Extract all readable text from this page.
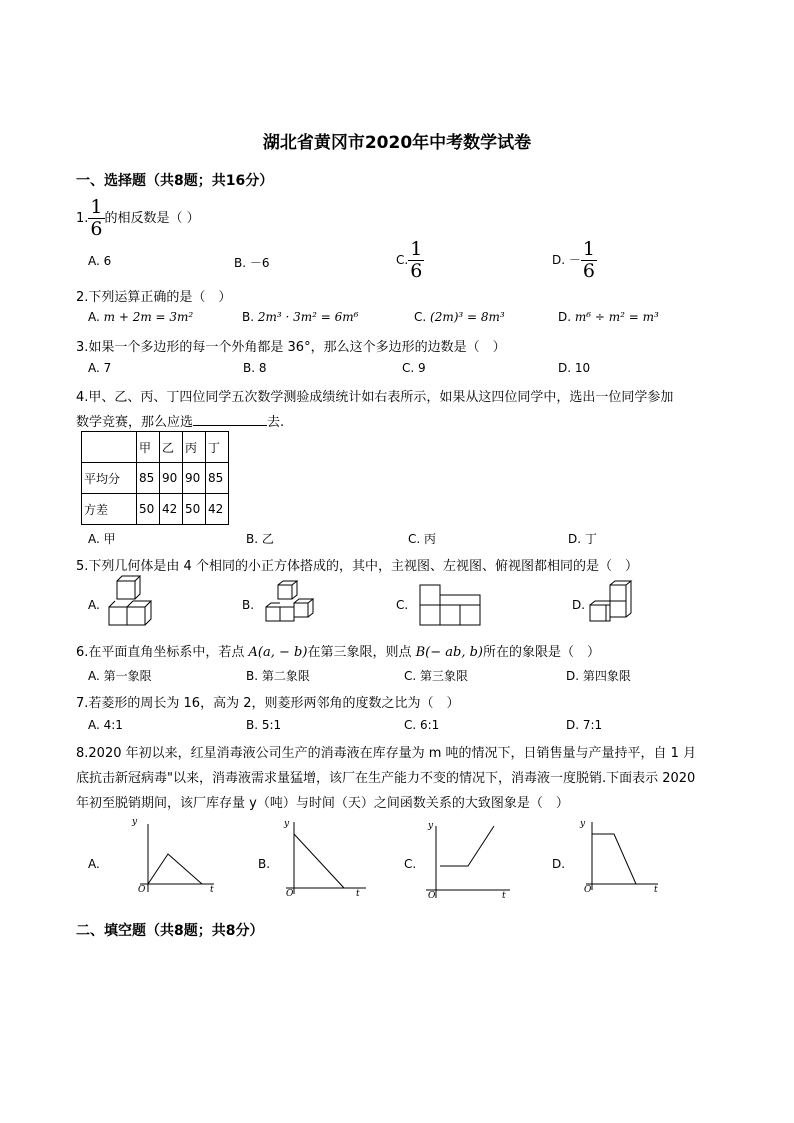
湖北省黄冈市2020年中考数学试卷
一、选择题（共8题；共16分）
1. $\frac{1}{6}$ 的相反数是（ ）
A. 6	B. －6	C. $\frac{1}{6}$	D. － $\frac{1}{6}$
2.下列运算正确的是（　）
A. m + 2m = 3m²	B. 2m³ · 3m² = 6m⁶	C. (2m)³ = 8m³	D. m⁶ ÷ m² = m³
3.如果一个多边形的每一个外角都是 36°，那么这个多边形的边数是（　）
A. 7	B. 8	C. 9	D. 10
4.甲、乙、丙、丁四位同学五次数学测验成绩统计如右表所示，如果从这四位同学中，选出一位同学参加
数学竞赛，那么应选	去.
	甲	乙	丙	丁
平均分	85	90	90	85
方差	50	42	50	42
A. 甲	B. 乙	C. 丙	D. 丁
5.下列几何体是由 4 个相同的小正方体搭成的，其中，主视图、左视图、俯视图都相同的是（　）
A.	B.	C.	D.
6.在平面直角坐标系中，若点 A(a, − b)在第三象限，则点 B(− ab, b)所在的象限是（　）
A. 第一象限	B. 第二象限	C. 第三象限	D. 第四象限
7.若菱形的周长为 16，高为 2，则菱形两邻角的度数之比为（　）
A. 4:1	B. 5:1	C. 6:1	D. 7:1
8.2020 年初以来，红星消毒液公司生产的消毒液在库存量为 m 吨的情况下，日销售量与产量持平，自 1 月
底抗击新冠病毒"以来，消毒液需求量猛增，该厂在生产能力不变的情况下，消毒液一度脱销.下面表示 2020
年初至脱销期间，该厂库存量 y（吨）与时间（天）之间函数关系的大致图象是（　）
A.	B.	C.	D.
y
O	t
y
O	t
y
O	t
y
O	t
二、填空题（共8题；共8分）
